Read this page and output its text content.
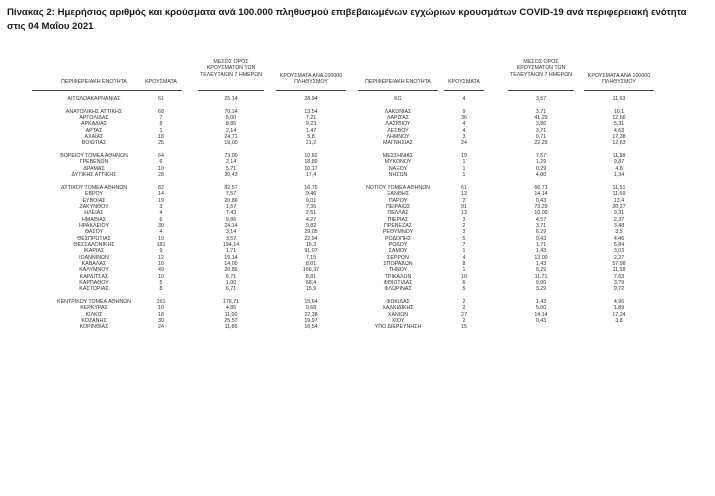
Πίνακας 2: Ημερήσιος αριθμός και κρούσματα ανά 100.000 πληθυσμού επιβεβαιωμένων εγχώριων κρουσμάτων COVID-19 ανά περιφερειακή ενότητα στις 04 Μαΐου 2021
ΠΕΡΙΦΕΡΕΙΑΚΗ ΕΝΟΤΗΤΑ	ΚΡΟΥΣΜΑΤΑ
ΜΕΣΟΣ ΟΡΟΣ ΚΡΟΥΣΜΑΤΩΝ ΤΩΝ ΤΕΛΕΥΤΑΙΩΝ 7 ΗΜΕΡΩΝ	ΚΡΟΥΣΜΑΤΑ ΑΝΑ 100000 ΠΛΗΘΥΣΜΟΥ
ΑΙΤΩΛΟΑΚΑΡΝΑΝΙΑΣ	61	25,14	28,94
ΑΝΑΤΟΛΙΚΗΣ ΑΤΤΙΚΗΣ	68	70,14	13,54
ΑΡΓΟΛΙΔΑΣ	7	5,00	7,21
ΑΡΚΑΔΙΑΣ	8	8,86	9,23
ΑΡΤΑΣ	1	2,14	1,47
ΑΧΑΪΑΣ	18	24,71	5,8
ΒΟΙΩΤΙΑΣ	25	19,00	21,2
ΒΟΡΕΙΟΥ ΤΟΜΕΑ ΑΘΗΝΩΝ	64	73,00	10,82
ΓΡΕΒΕΝΩΝ	6	2,14	18,89
ΔΡΑΜΑΣ	10	5,71	10,17
ΔΥΤΙΚΗΣ ΑΤΤΙΚΗΣ	28	30,43	17,4
ΔΥΤΙΚΟΥ ΤΟΜΕΑ ΑΘΗΝΩΝ	82	82,57	16,75
ΕΒΡΟΥ	14	7,57	9,46
ΕΥΒΟΙΑΣ	19	20,86	9,01
ΖΑΚΥΝΘΟΥ	3	1,57	7,36
ΗΛΕΙΑΣ	4	7,43	2,51
ΗΜΑΘΙΑΣ	6	9,86	4,27
ΗΡΑΚΛΕΙΟΥ	30	24,14	9,82
ΘΑΣΟΥ	4	3,14	29,05
ΘΕΣΠΡΩΤΙΑΣ	10	3,57	22,94
ΘΕΣΣΑΛΟΝΙΚΗΣ	181	194,14	16,3
ΙΚΑΡΙΑΣ	9	1,71	91,07
ΙΩΑΝΝΙΝΩΝ	12	19,14	7,15
ΚΑΒΑΛΑΣ	10	14,00	8,01
ΚΑΛΥΜΝΟΥ	49	20,86	166,37
ΚΑΡΔΙΤΣΑΣ	10	6,71	8,81
ΚΑΡΠΑΘΟΥ	5	1,00	68,4
ΚΑΣΤΟΡΙΑΣ	8	6,71	15,9
ΚΕΝΤΡΙΚΟΥ ΤΟΜΕΑ ΑΘΗΝΩΝ	161	176,71	15,64
ΚΕΡΚΥΡΑΣ	10	4,86	9,68
ΚΙΛΚΙΣ	18	11,00	22,38
ΚΟΖΑΝΗΣ	30	25,57	19,97
ΚΟΡΙΝΘΙΑΣ	24	11,86	16,54
ΠΕΡΙΦΕΡΕΙΑΚΗ ΕΝΟΤΗΤΑ	ΚΡΟΥΣΜΑΤΑ
ΜΕΣΟΣ ΟΡΟΣ ΚΡΟΥΣΜΑΤΩΝ ΤΩΝ ΤΕΛΕΥΤΑΙΩΝ 7 ΗΜΕΡΩΝ	ΚΡΟΥΣΜΑΤΑ ΑΝΑ 100000 ΠΛΗΘΥΣΜΟΥ
ΚΩ	4	3,57	11,63
ΛΑΚΩΝΙΑΣ	9	3,71	10,1
ΛΑΡΙΣΑΣ	36	41,29	12,66
ΛΑΣΙΘΙΟΥ	4	3,86	5,31
ΛΕΣΒΟΥ	4	3,71	4,63
ΛΗΜΝΟΥ	3	0,71	17,38
ΜΑΓΝΗΣΙΑΣ	24	22,29	12,63
ΜΕΣΣΗΝΙΑΣ	19	7,57	11,88
ΜΥΚΟΝΟΥ	1	1,29	9,87
ΝΑΞΟΥ	1	0,29	4,8
ΝΗΣΩΝ	1	4,00	1,34
ΝΟΤΙΟΥ ΤΟΜΕΑ ΑΘΗΝΩΝ	61	66,71	11,51
ΞΑΝΘΗΣ	13	14,14	11,69
ΠΑΡΟΥ	2	0,43	13,4
ΠΕΙΡΑΙΩΣ	91	73,29	20,27
ΠΕΛΛΑΣ	13	10,00	9,31
ΠΙΕΡΙΑΣ	3	4,57	2,37
ΠΡΕΒΕΖΑΣ	2	3,71	3,48
ΡΕΘΥΜΝΟΥ	3	6,29	3,5
ΡΟΔΟΠΗΣ	5	9,43	4,46
ΡΟΔΟΥ	7	1,71	5,84
ΣΑΜΟΥ	1	1,43	3,03
ΣΕΡΡΩΝ	4	13,00	2,27
ΣΠΟΡΑΔΩΝ	8	1,43	57,98
ΤΗΝΟΥ	1	0,29	11,58
ΤΡΙΚΑΛΩΝ	10	11,71	7,63
ΦΘΙΩΤΙΔΑΣ	6	9,00	3,79
ΦΛΩΡΙΝΑΣ	5	3,29	9,72
ΦΩΚΙΔΑΣ	2	1,43	4,96
ΧΑΛΚΙΔΙΚΗΣ	2	5,00	1,89
ΧΑΝΙΩΝ	27	14,14	17,24
ΧΙΟΥ	2	0,43	3,8
ΥΠΟ ΔΙΕΡΕΥΝΗΣΗ	15
